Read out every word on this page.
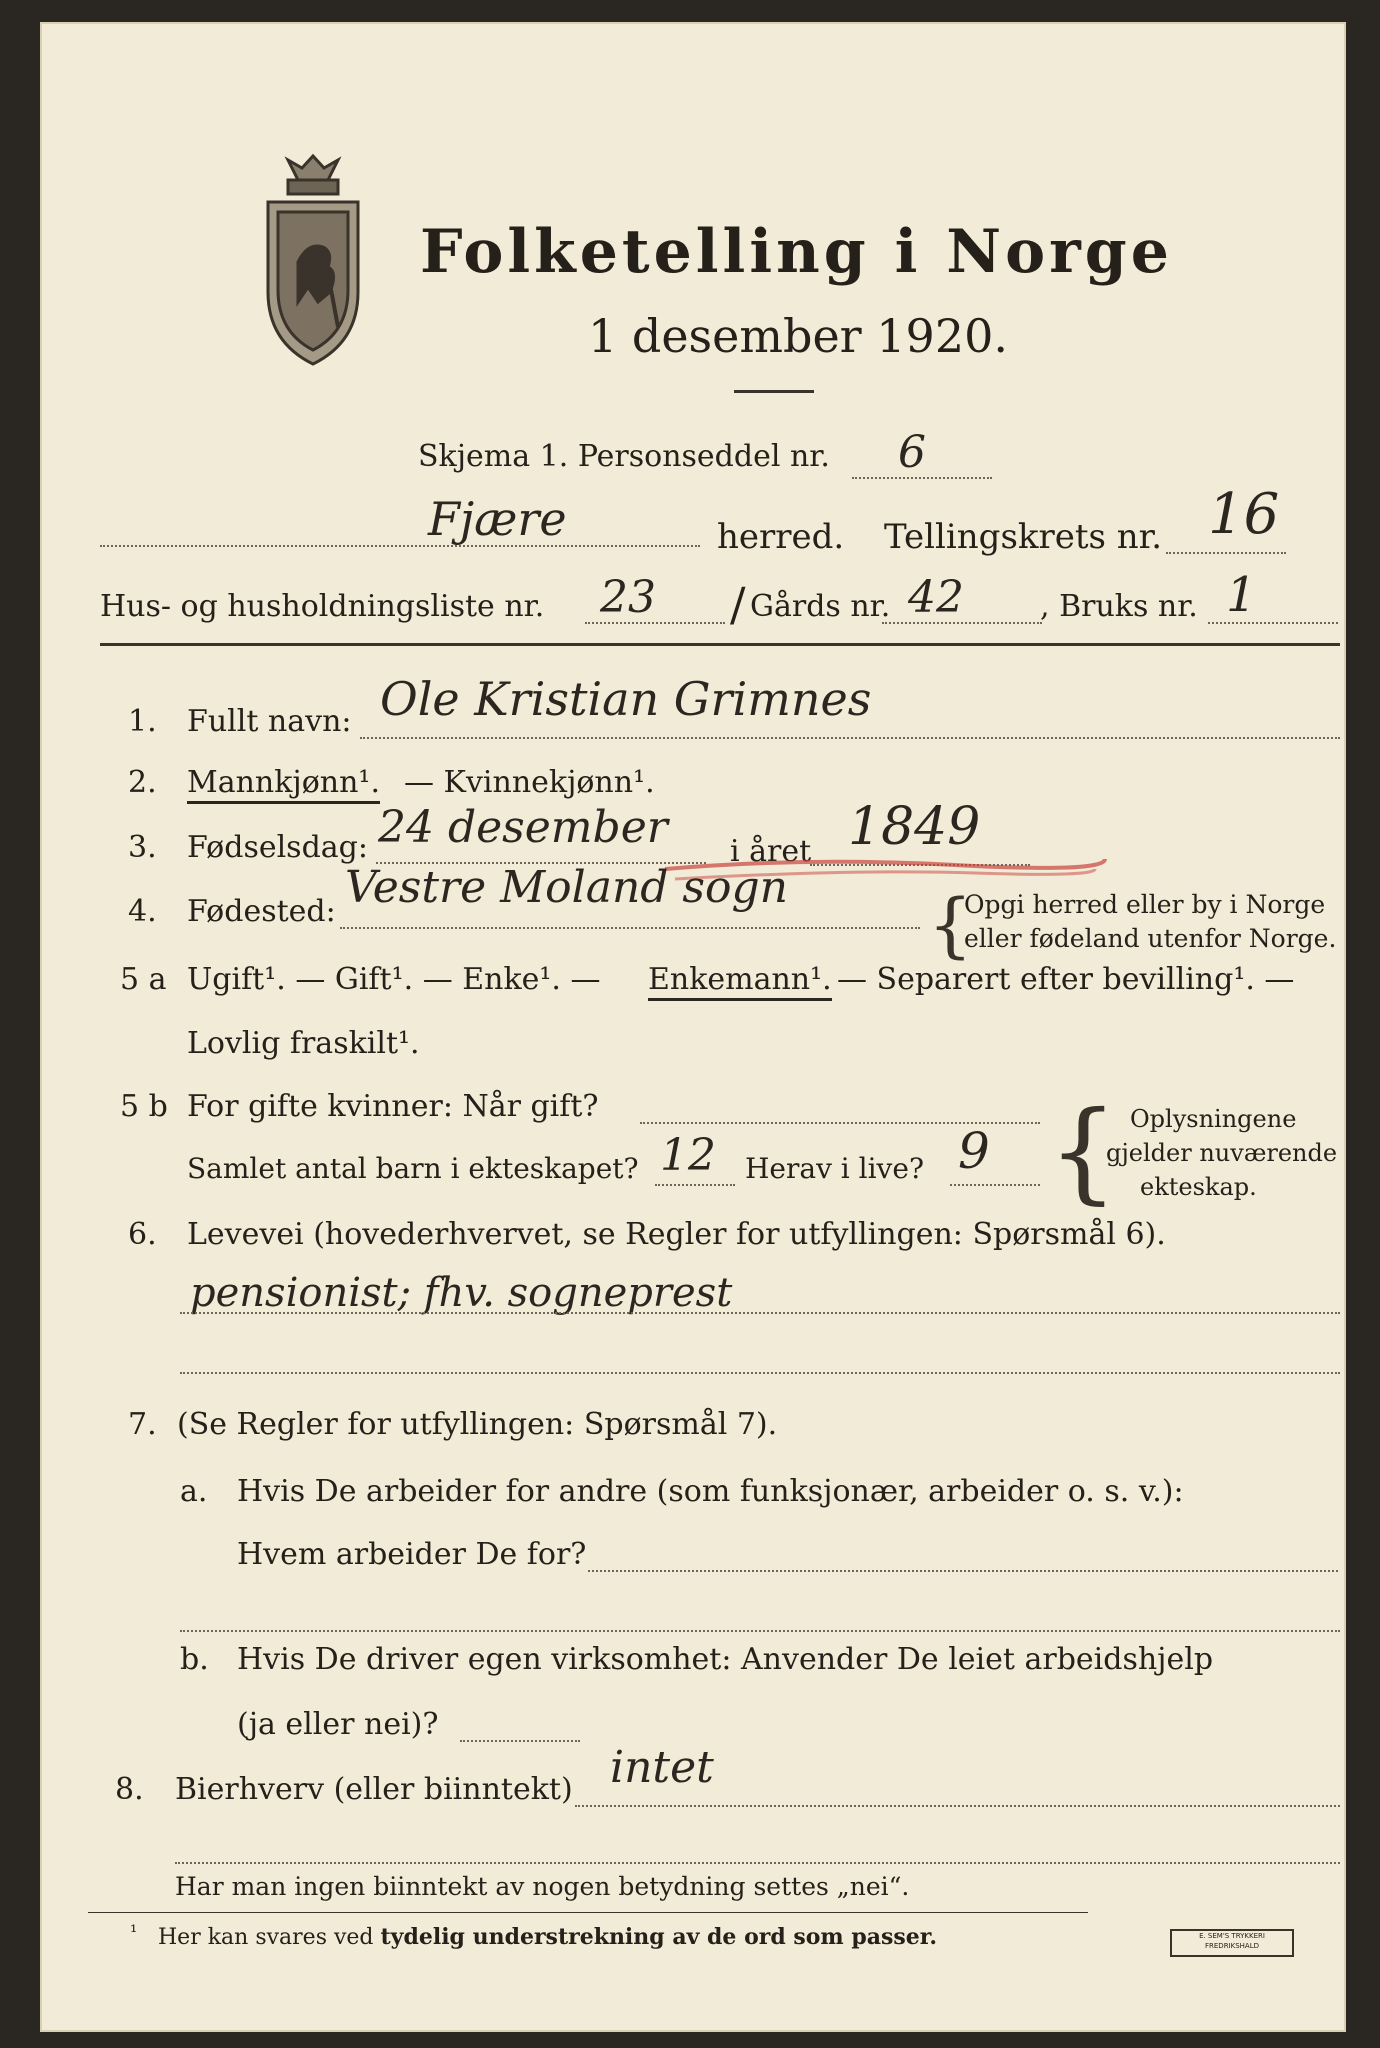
Folketelling i Norge
1 desember 1920.
Skjema 1. Personseddel nr. 6
Fjære	herred. Tellingskrets nr. 16
Hus- og husholdningsliste nr. 23 / Gårds nr. 42	, Bruks nr. 1
1. Fullt navn: Ole Kristian Grimnes
2. Mannkjønn¹. — Kvinnekjønn¹.
3. Fødselsdag: 24 desember i året 1849
4. Fødested: Vestre Moland sogn {
Opgi herred eller by i Norge
eller fødeland utenfor Norge.
5 a Ugift¹. — Gift¹. — Enke¹. — Enkemann¹. — Separert efter bevilling¹. —
Lovlig fraskilt¹.
5 b For gifte kvinner: Når gift?
Samlet antal barn i ekteskapet? 12 Herav i live? 9 { Oplysningene
gjelder nuværende
ekteskap.
6. Levevei (hovederhvervet, se Regler for utfyllingen: Spørsmål 6).
pensionist; fhv. sogneprest
7. (Se Regler for utfyllingen: Spørsmål 7).
a. Hvis De arbeider for andre (som funksjonær, arbeider o. s. v.):
Hvem arbeider De for?
b. Hvis De driver egen virksomhet: Anvender De leiet arbeidshjelp
(ja eller nei)?
8. Bierhverv (eller biinntekt) intet
Har man ingen biinntekt av nogen betydning settes „nei“.
¹ Her kan svares ved tydelig understrekning av de ord som passer.	E. SEM'S TRYKKERI
FREDRIKSHALD
